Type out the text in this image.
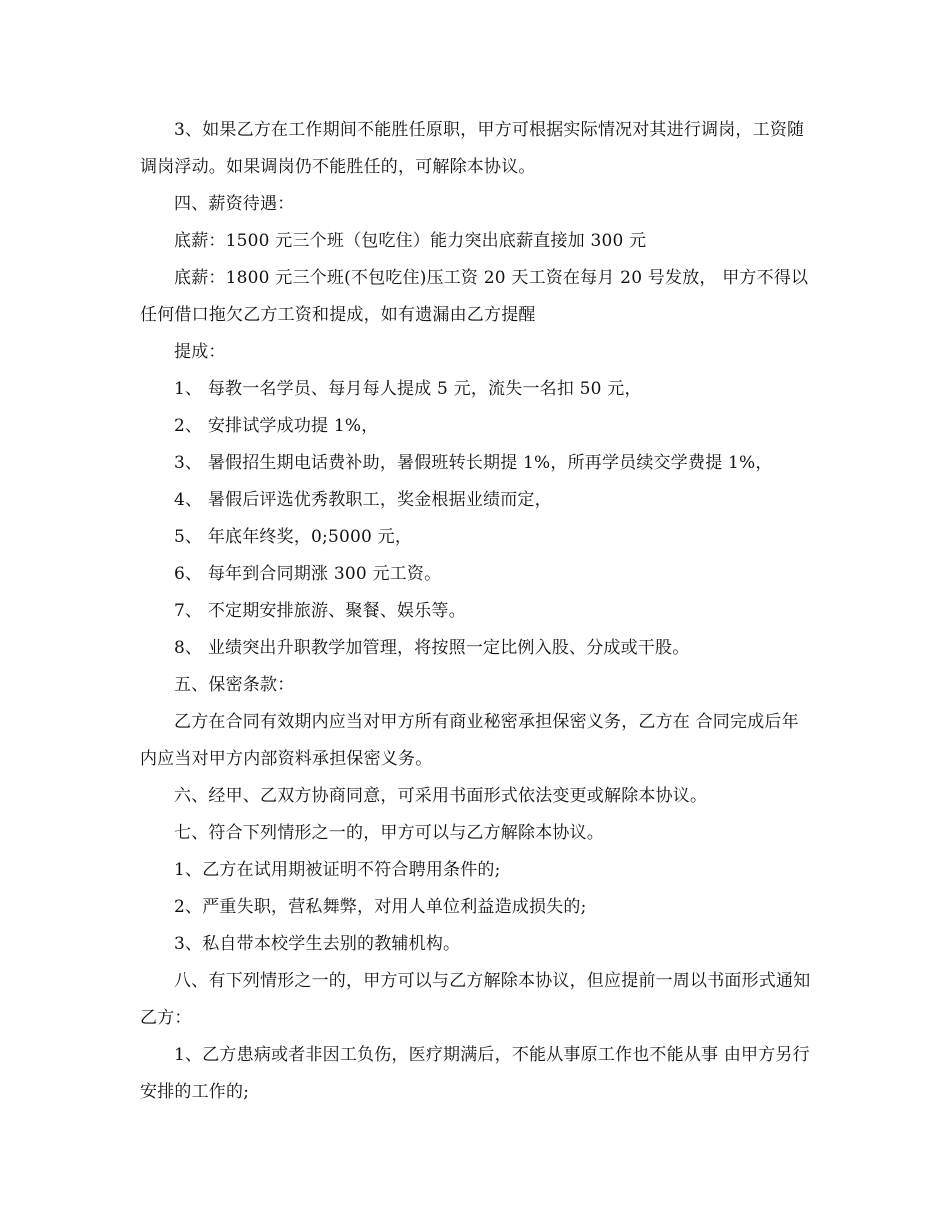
3、如果乙方在工作期间不能胜任原职，甲方可根据实际情况对其进行调岗，工资随调岗浮动。如果调岗仍不能胜任的，可解除本协议。

四、薪资待遇：

底薪：1500 元三个班（包吃住）能力突出底薪直接加 300 元

底薪：1800 元三个班(不包吃住)压工资 20 天工资在每月 20 号发放， 甲方不得以任何借口拖欠乙方工资和提成，如有遗漏由乙方提醒

提成：

1、 每教一名学员、每月每人提成 5 元，流失一名扣 50 元，

2、 安排试学成功提 1%，

3、 暑假招生期电话费补助，暑假班转长期提 1%，所再学员续交学费提 1%，

4、 暑假后评选优秀教职工，奖金根据业绩而定，

5、 年底年终奖，0;5000 元，

6、 每年到合同期涨 300 元工资。

7、 不定期安排旅游、聚餐、娱乐等。

8、 业绩突出升职教学加管理，将按照一定比例入股、分成或干股。

五、保密条款：

乙方在合同有效期内应当对甲方所有商业秘密承担保密义务，乙方在 合同完成后年内应当对甲方内部资料承担保密义务。

六、经甲、乙双方协商同意，可采用书面形式依法变更或解除本协议。

七、符合下列情形之一的，甲方可以与乙方解除本协议。

1、乙方在试用期被证明不符合聘用条件的;

2、严重失职，营私舞弊，对用人单位利益造成损失的;

3、私自带本校学生去别的教辅机构。

八、有下列情形之一的，甲方可以与乙方解除本协议，但应提前一周以书面形式通知乙方：

1、乙方患病或者非因工负伤，医疗期满后，不能从事原工作也不能从事 由甲方另行安排的工作的;
